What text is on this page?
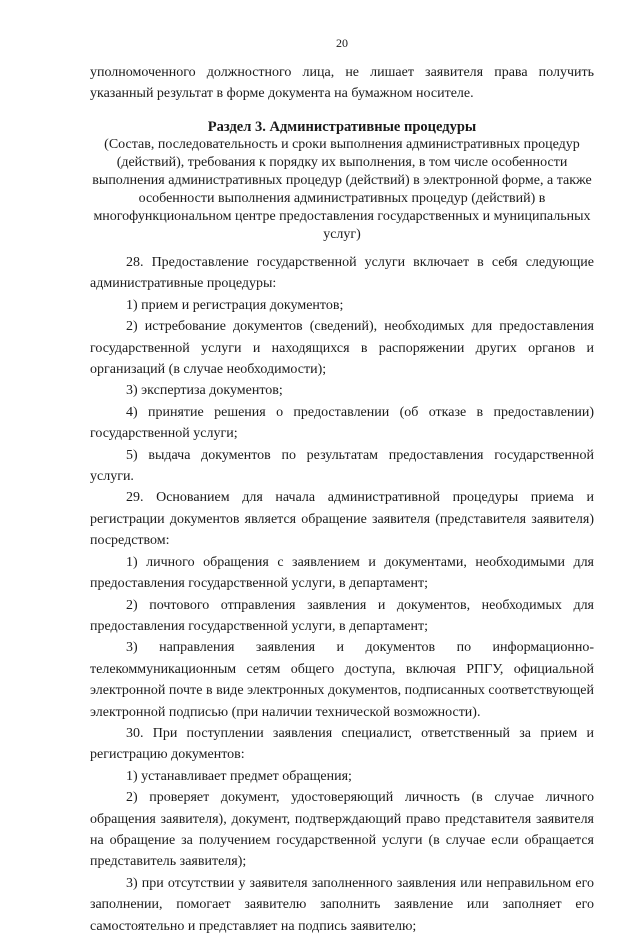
20

уполномоченного должностного лица, не лишает заявителя права получить указанный результат в форме документа на бумажном носителе.

Раздел 3. Административные процедуры
(Состав, последовательность и сроки выполнения административных процедур (действий), требования к порядку их выполнения, в том числе особенности выполнения административных процедур (действий) в электронной форме, а также особенности выполнения административных процедур (действий) в многофункциональном центре предоставления государственных и муниципальных услуг)

28. Предоставление государственной услуги включает в себя следующие административные процедуры:

1) прием и регистрация документов;

2) истребование документов (сведений), необходимых для предоставления государственной услуги и находящихся в распоряжении других органов и организаций (в случае необходимости);

3) экспертиза документов;

4) принятие решения о предоставлении (об отказе в предоставлении) государственной услуги;

5) выдача документов по результатам предоставления государственной услуги.

29. Основанием для начала административной процедуры приема и регистрации документов является обращение заявителя (представителя заявителя) посредством:

1) личного обращения с заявлением и документами, необходимыми для предоставления государственной услуги, в департамент;

2) почтового отправления заявления и документов, необходимых для предоставления государственной услуги, в департамент;

3) направления заявления и документов по информационно-телекоммуникационным сетям общего доступа, включая РПГУ, официальной электронной почте в виде электронных документов, подписанных соответствующей электронной подписью (при наличии технической возможности).

30. При поступлении заявления специалист, ответственный за прием и регистрацию документов:

1) устанавливает предмет обращения;

2) проверяет документ, удостоверяющий личность (в случае личного обращения заявителя), документ, подтверждающий право представителя заявителя на обращение за получением государственной услуги (в случае если обращается представитель заявителя);

3) при отсутствии у заявителя заполненного заявления или неправильном его заполнении, помогает заявителю заполнить заявление или заполняет его самостоятельно и представляет на подпись заявителю;
